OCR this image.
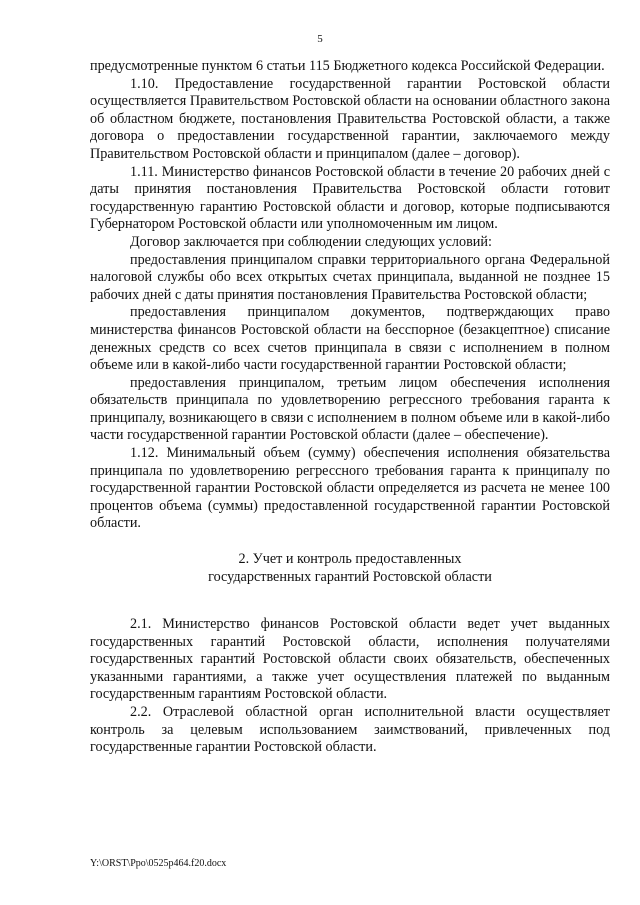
5

предусмотренные пунктом 6 статьи 115 Бюджетного кодекса Российской Федерации.

1.10. Предоставление государственной гарантии Ростовской области осуществляется Правительством Ростовской области на основании областного закона об областном бюджете, постановления Правительства Ростовской области, а также договора о предоставлении государственной гарантии, заключаемого между Правительством Ростовской области и принципалом (далее – договор).

1.11. Министерство финансов Ростовской области в течение 20 рабочих дней с даты принятия постановления Правительства Ростовской области готовит государственную гарантию Ростовской области и договор, которые подписываются Губернатором Ростовской области или уполномоченным им лицом.

Договор заключается при соблюдении следующих условий:

предоставления принципалом справки территориального органа Федеральной налоговой службы обо всех открытых счетах принципала, выданной не позднее 15 рабочих дней с даты принятия постановления Правительства Ростовской области;

предоставления принципалом документов, подтверждающих право министерства финансов Ростовской области на бесспорное (безакцептное) списание денежных средств со всех счетов принципала в связи с исполнением в полном объеме или в какой-либо части государственной гарантии Ростовской области;

предоставления принципалом, третьим лицом обеспечения исполнения обязательств принципала по удовлетворению регрессного требования гаранта к принципалу, возникающего в связи с исполнением в полном объеме или в какой-либо части государственной гарантии Ростовской области (далее – обеспечение).

1.12. Минимальный объем (сумму) обеспечения исполнения обязательства принципала по удовлетворению регрессного требования гаранта к принципалу по государственной гарантии Ростовской области определяется из расчета не менее 100 процентов объема (суммы) предоставленной государственной гарантии Ростовской области.

2. Учет и контроль предоставленных
государственных гарантий Ростовской области

2.1. Министерство финансов Ростовской области ведет учет выданных государственных гарантий Ростовской области, исполнения получателями государственных гарантий Ростовской области своих обязательств, обеспеченных указанными гарантиями, а также учет осуществления платежей по выданным государственным гарантиям Ростовской области.

2.2. Отраслевой областной орган исполнительной власти осуществляет контроль за целевым использованием заимствований, привлеченных под государственные гарантии Ростовской области.

Y:\ORST\Ppo\0525p464.f20.docx
